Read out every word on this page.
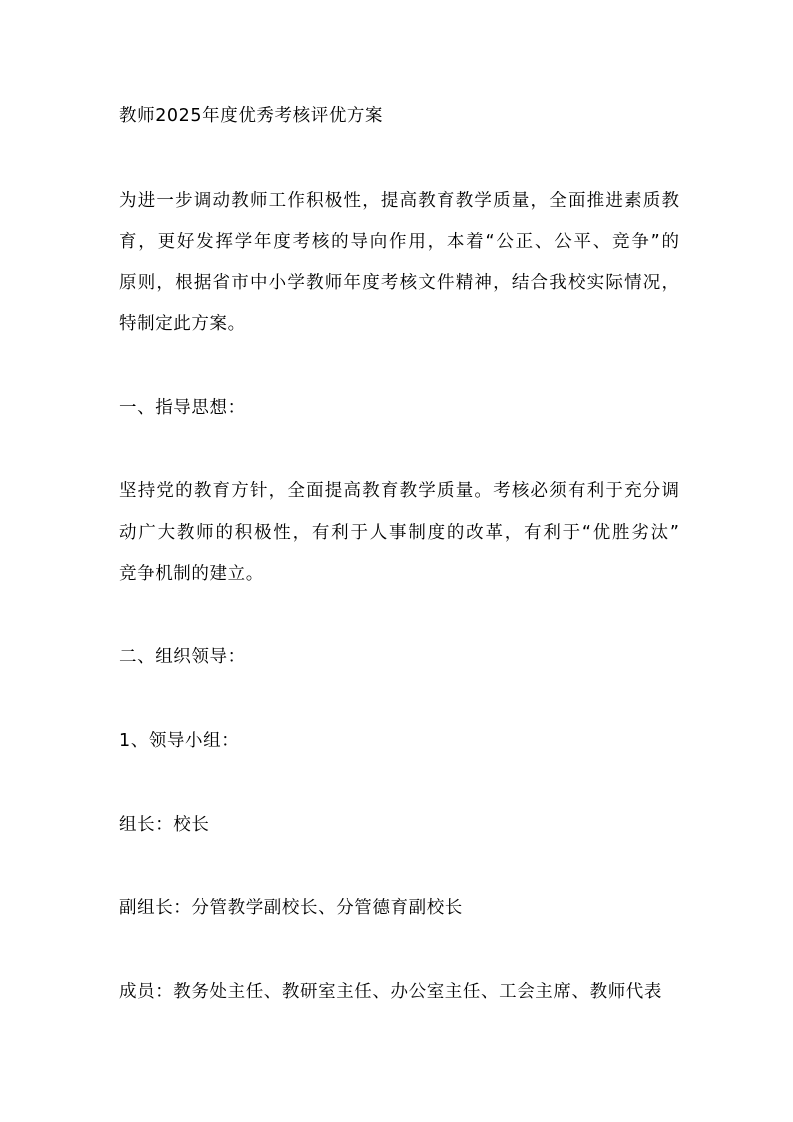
教师2025年度优秀考核评优方案
为进一步调动教师工作积极性，提高教育教学质量，全面推进素质教
育，更好发挥学年度考核的导向作用，本着“公正、公平、竞争”的
原则，根据省市中小学教师年度考核文件精神，结合我校实际情况，
特制定此方案。
一、指导思想：
坚持党的教育方针，全面提高教育教学质量。考核必须有利于充分调
动广大教师的积极性，有利于人事制度的改革，有利于“优胜劣汰”
竞争机制的建立。
二、组织领导：
1、领导小组：
组长：校长
副组长：分管教学副校长、分管德育副校长
成员：教务处主任、教研室主任、办公室主任、工会主席、教师代表
